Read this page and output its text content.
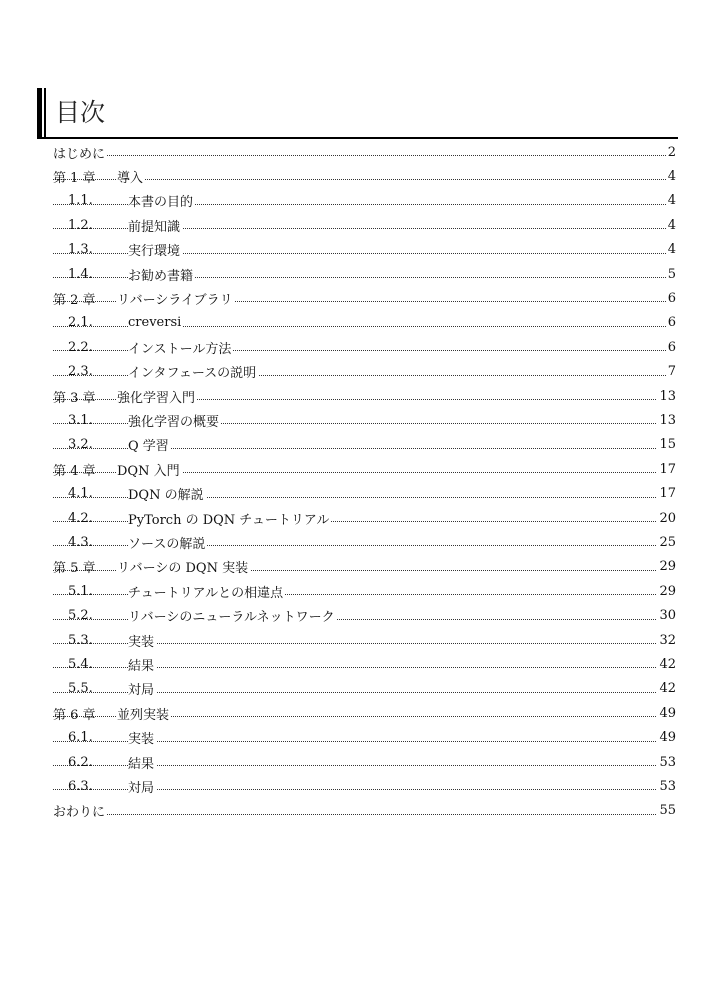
目次
はじめに	2
第 1 章 導入	4
1.1.	本書の目的	4
1.2.	前提知識	4
1.3.	実行環境	4
1.4.	お勧め書籍	5
第 2 章 リバーシライブラリ	6
2.1.	creversi	6
2.2.	インストール方法	6
2.3.	インタフェースの説明	7
第 3 章 強化学習入門	13
3.1.	強化学習の概要	13
3.2.	Q 学習	15
第 4 章 DQN 入門	17
4.1.	DQN の解説	17
4.2.	PyTorch の DQN チュートリアル	20
4.3.	ソースの解説	25
第 5 章 リバーシの DQN 実装	29
5.1.	チュートリアルとの相違点	29
5.2.	リバーシのニューラルネットワーク	30
5.3.	実装	32
5.4.	結果	42
5.5.	対局	42
第 6 章 並列実装	49
6.1.	実装	49
6.2.	結果	53
6.3.	対局	53
おわりに	55
